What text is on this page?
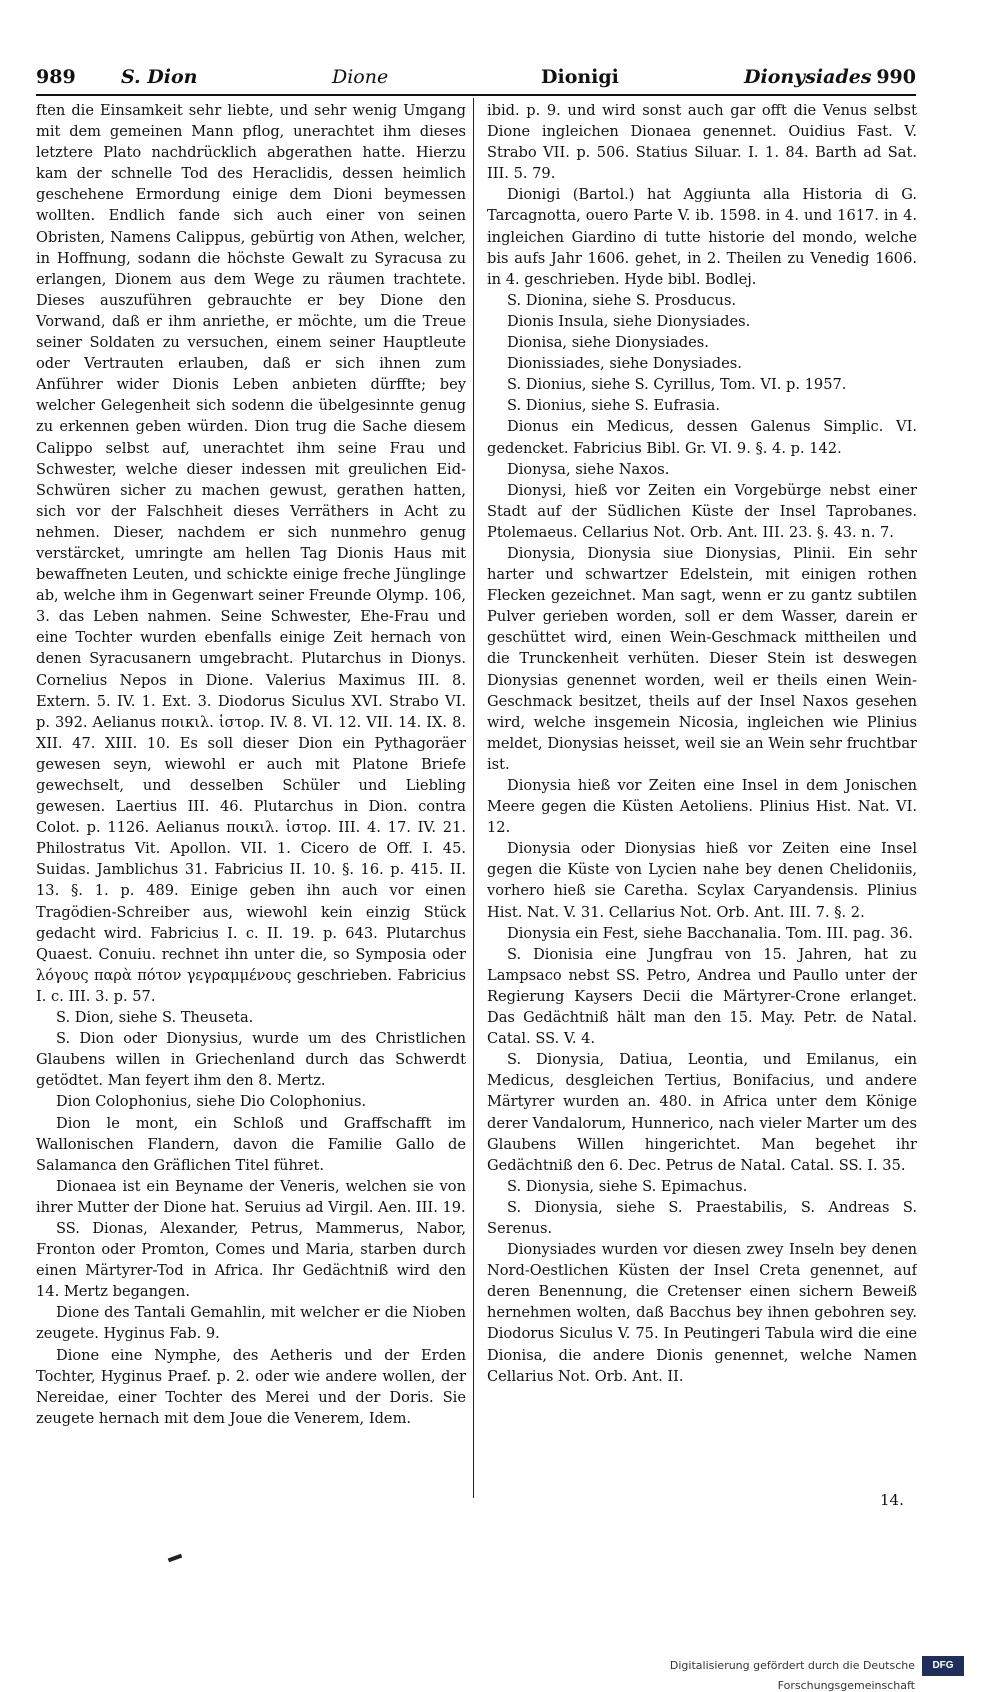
989 S. Dion	Dione	Dionigi	Dionysiades 990

ften die Einsamkeit sehr liebte, und sehr wenig Umgang mit dem gemeinen Mann pflog, unerachtet ihm dieses letztere Plato nachdrücklich abgerathen hatte. Hierzu kam der schnelle Tod des Heraclidis, dessen heimlich geschehene Ermordung einige dem Dioni beymessen wollten. Endlich fande sich auch einer von seinen Obristen, Namens Calippus, gebürtig von Athen, welcher, in Hoffnung, sodann die höchste Gewalt zu Syracusa zu erlangen, Dionem aus dem Wege zu räumen trachtete. Dieses auszuführen gebrauchte er bey Dione den Vorwand, daß er ihm anriethe, er möchte, um die Treue seiner Soldaten zu versuchen, einem seiner Hauptleute oder Vertrauten erlauben, daß er sich ihnen zum Anführer wider Dionis Leben anbieten dürffte; bey welcher Gelegenheit sich sodenn die übelgesinnte genug zu erkennen geben würden. Dion trug die Sache diesem Calippo selbst auf, unerachtet ihm seine Frau und Schwester, welche dieser indessen mit greulichen Eid-Schwüren sicher zu machen gewust, gerathen hatten, sich vor der Falschheit dieses Verräthers in Acht zu nehmen. Dieser, nachdem er sich nunmehro genug verstärcket, umringte am hellen Tag Dionis Haus mit bewaffneten Leuten, und schickte einige freche Jünglinge ab, welche ihm in Gegenwart seiner Freunde Olymp. 106, 3. das Leben nahmen. Seine Schwester, Ehe-Frau und eine Tochter wurden ebenfalls einige Zeit hernach von denen Syracusanern umgebracht. Plutarchus in Dionys. Cornelius Nepos in Dione. Valerius Maximus III. 8. Extern. 5. IV. 1. Ext. 3. Diodorus Siculus XVI. Strabo VI. p. 392. Aelianus ποικιλ. ἱστορ. IV. 8. VI. 12. VII. 14. IX. 8. XII. 47. XIII. 10. Es soll dieser Dion ein Pythagoräer gewesen seyn, wiewohl er auch mit Platone Briefe gewechselt, und desselben Schüler und Liebling gewesen. Laertius III. 46. Plutarchus in Dion. contra Colot. p. 1126. Aelianus ποικιλ. ἱστορ. III. 4. 17. IV. 21. Philostratus Vit. Apollon. VII. 1. Cicero de Off. I. 45. Suidas. Jamblichus 31. Fabricius II. 10. §. 16. p. 415. II. 13. §. 1. p. 489. Einige geben ihn auch vor einen Tragödien-Schreiber aus, wiewohl kein einzig Stück gedacht wird. Fabricius I. c. II. 19. p. 643. Plutarchus Quaest. Conuiu. rechnet ihn unter die, so Symposia oder λόγους παρὰ πότον γεγραμμένους geschrieben. Fabricius I. c. III. 3. p. 57.

S. Dion, siehe S. Theuseta.

S. Dion oder Dionysius, wurde um des Christlichen Glaubens willen in Griechenland durch das Schwerdt getödtet. Man feyert ihm den 8. Mertz.

Dion Colophonius, siehe Dio Colophonius.

Dion le mont, ein Schloß und Graffschafft im Wallonischen Flandern, davon die Familie Gallo de Salamanca den Gräflichen Titel führet.

Dionaea ist ein Beyname der Veneris, welchen sie von ihrer Mutter der Dione hat. Seruius ad Virgil. Aen. III. 19.

SS. Dionas, Alexander, Petrus, Mammerus, Nabor, Fronton oder Promton, Comes und Maria, starben durch einen Märtyrer-Tod in Africa. Ihr Gedächtniß wird den 14. Mertz begangen.

Dione des Tantali Gemahlin, mit welcher er die Nioben zeugete. Hyginus Fab. 9.

Dione eine Nymphe, des Aetheris und der Erden Tochter, Hyginus Praef. p. 2. oder wie andere wollen, der Nereidae, einer Tochter des Merei und der Doris. Sie zeugete hernach mit dem Joue die Venerem, Idem.

ibid. p. 9. und wird sonst auch gar offt die Venus selbst Dione ingleichen Dionaea genennet. Ouidius Fast. V. Strabo VII. p. 506. Statius Siluar. I. 1. 84. Barth ad Sat. III. 5. 79.

Dionigi (Bartol.) hat Aggiunta alla Historia di G. Tarcagnotta, ouero Parte V. ib. 1598. in 4. und 1617. in 4. ingleichen Giardino di tutte historie del mondo, welche bis aufs Jahr 1606. gehet, in 2. Theilen zu Venedig 1606. in 4. geschrieben. Hyde bibl. Bodlej.

S. Dionina, siehe S. Prosducus.

Dionis Insula, siehe Dionysiades.

Dionisa, siehe Dionysiades.

Dionissiades, siehe Donysiades.

S. Dionius, siehe S. Cyrillus, Tom. VI. p. 1957.

S. Dionius, siehe S. Eufrasia.

Dionus ein Medicus, dessen Galenus Simplic. VI. gedencket. Fabricius Bibl. Gr. VI. 9. §. 4. p. 142.

Dionysa, siehe Naxos.

Dionysi, hieß vor Zeiten ein Vorgebürge nebst einer Stadt auf der Südlichen Küste der Insel Taprobanes. Ptolemaeus. Cellarius Not. Orb. Ant. III. 23. §. 43. n. 7.

Dionysia, Dionysia siue Dionysias, Plinii. Ein sehr harter und schwartzer Edelstein, mit einigen rothen Flecken gezeichnet. Man sagt, wenn er zu gantz subtilen Pulver gerieben worden, soll er dem Wasser, darein er geschüttet wird, einen Wein-Geschmack mittheilen und die Trunckenheit verhüten. Dieser Stein ist deswegen Dionysias genennet worden, weil er theils einen Wein-Geschmack besitzet, theils auf der Insel Naxos gesehen wird, welche insgemein Nicosia, ingleichen wie Plinius meldet, Dionysias heisset, weil sie an Wein sehr fruchtbar ist.

Dionysia hieß vor Zeiten eine Insel in dem Jonischen Meere gegen die Küsten Aetoliens. Plinius Hist. Nat. VI. 12.

Dionysia oder Dionysias hieß vor Zeiten eine Insel gegen die Küste von Lycien nahe bey denen Chelidoniis, vorhero hieß sie Caretha. Scylax Caryandensis. Plinius Hist. Nat. V. 31. Cellarius Not. Orb. Ant. III. 7. §. 2.

Dionysia ein Fest, siehe Bacchanalia. Tom. III. pag. 36.

S. Dionisia eine Jungfrau von 15. Jahren, hat zu Lampsaco nebst SS. Petro, Andrea und Paullo unter der Regierung Kaysers Decii die Märtyrer-Crone erlanget. Das Gedächtniß hält man den 15. May. Petr. de Natal. Catal. SS. V. 4.

S. Dionysia, Datiua, Leontia, und Emilanus, ein Medicus, desgleichen Tertius, Bonifacius, und andere Märtyrer wurden an. 480. in Africa unter dem Könige derer Vandalorum, Hunnerico, nach vieler Marter um des Glaubens Willen hingerichtet. Man begehet ihr Gedächtniß den 6. Dec. Petrus de Natal. Catal. SS. I. 35.

S. Dionysia, siehe S. Epimachus.

S. Dionysia, siehe S. Praestabilis, S. Andreas S. Serenus.

Dionysiades wurden vor diesen zwey Inseln bey denen Nord-Oestlichen Küsten der Insel Creta genennet, auf deren Benennung, die Cretenser einen sichern Beweiß hernehmen wolten, daß Bacchus bey ihnen gebohren sey. Diodorus Siculus V. 75. In Peutingeri Tabula wird die eine Dionisa, die andere Dionis genennet, welche Namen Cellarius Not. Orb. Ant. II.

14.
Digitalisierung gefördert durch die Deutsche Forschungsgemeinschaft
DFG
